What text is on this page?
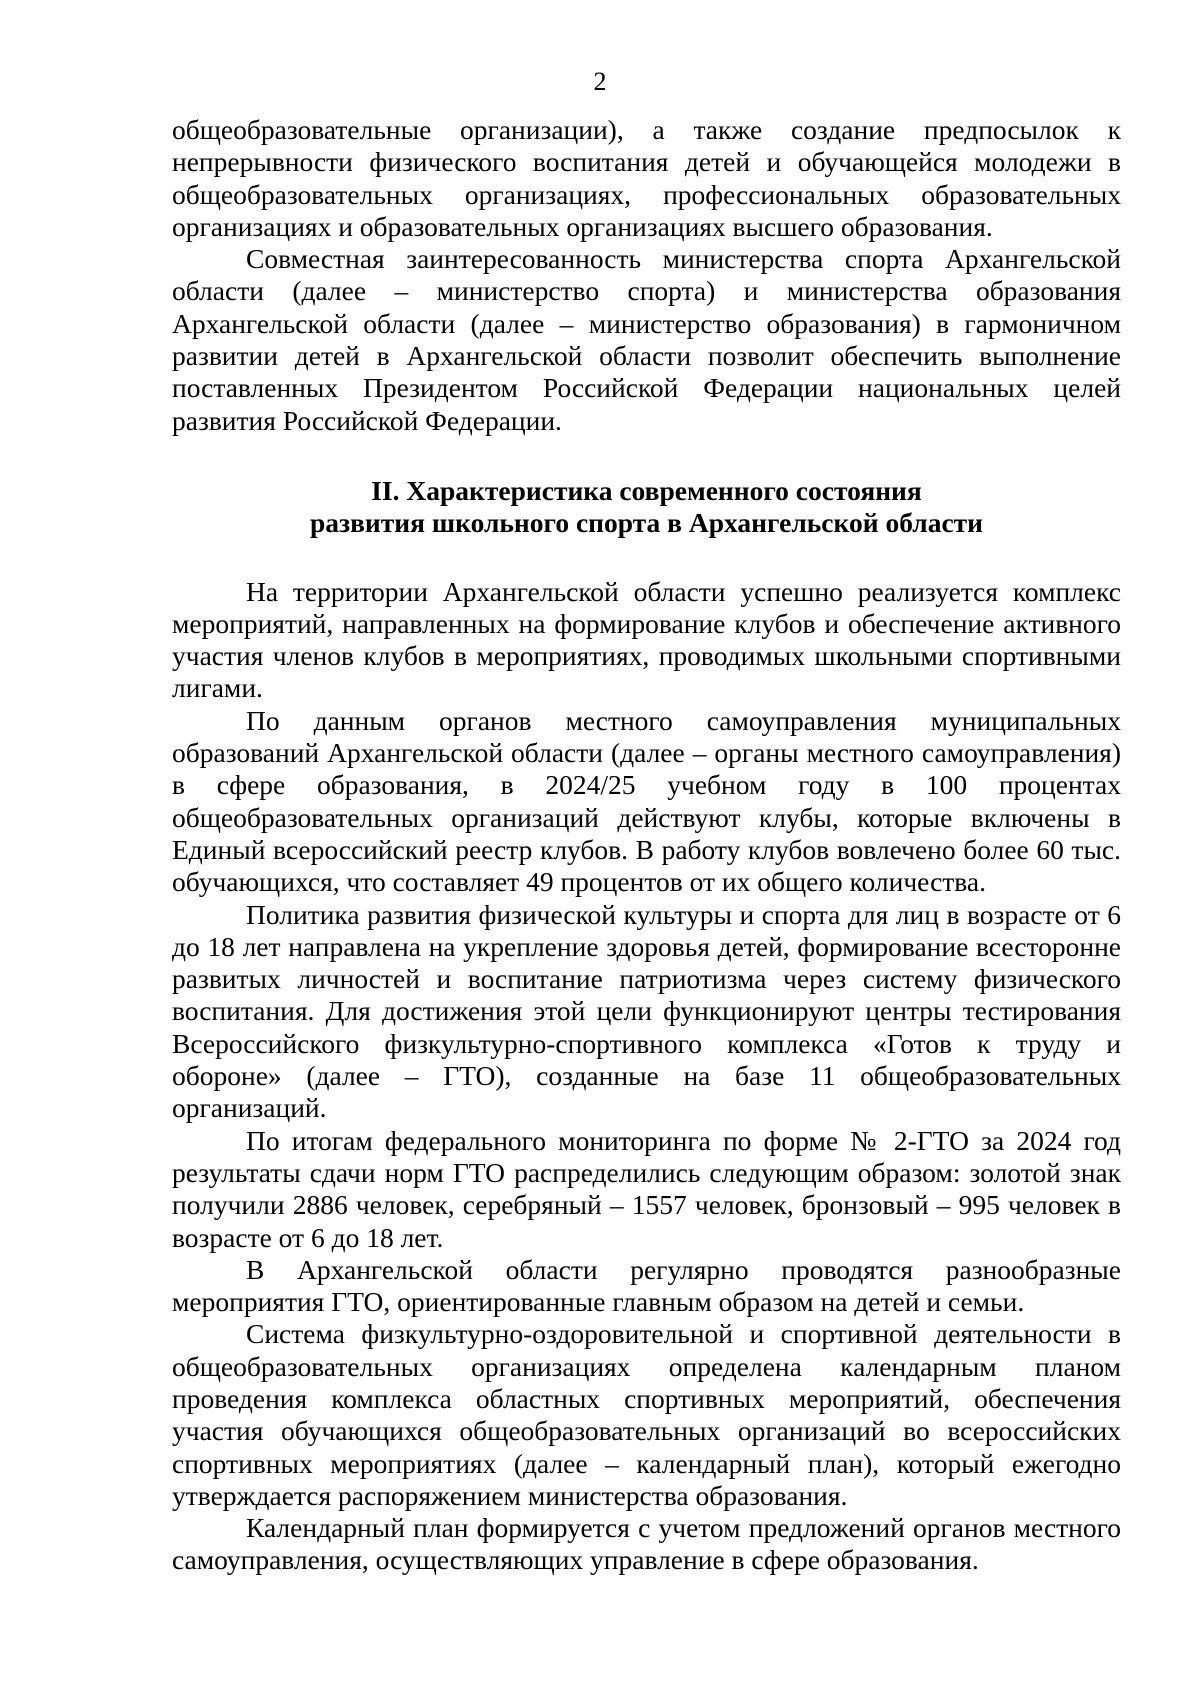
2

общеобразовательные организации), а также создание предпосылок к непрерывности физического воспитания детей и обучающейся молодежи в общеобразовательных организациях, профессиональных образовательных организациях и образовательных организациях высшего образования.

Совместная заинтересованность министерства спорта Архангельской области (далее – министерство спорта) и министерства образования Архангельской области (далее – министерство образования) в гармоничном развитии детей в Архангельской области позволит обеспечить выполнение поставленных Президентом Российской Федерации национальных целей развития Российской Федерации.

II. Характеристика современного состояния
развития школьного спорта в Архангельской области

На территории Архангельской области успешно реализуется комплекс мероприятий, направленных на формирование клубов и обеспечение активного участия членов клубов в мероприятиях, проводимых школьными спортивными лигами.

По данным органов местного самоуправления муниципальных образований Архангельской области (далее – органы местного самоуправления) в сфере образования, в 2024/25 учебном году в 100 процентах общеобразовательных организаций действуют клубы, которые включены в Единый всероссийский реестр клубов. В работу клубов вовлечено более 60 тыс. обучающихся, что составляет 49 процентов от их общего количества.

Политика развития физической культуры и спорта для лиц в возрасте от 6 до 18 лет направлена на укрепление здоровья детей, формирование всесторонне развитых личностей и воспитание патриотизма через систему физического воспитания. Для достижения этой цели функционируют центры тестирования Всероссийского физкультурно-спортивного комплекса «Готов к труду и обороне» (далее – ГТО), созданные на базе 11 общеобразовательных организаций.

По итогам федерального мониторинга по форме № 2-ГТО за 2024 год результаты сдачи норм ГТО распределились следующим образом: золотой знак получили 2886 человек, серебряный – 1557 человек, бронзовый – 995 человек в возрасте от 6 до 18 лет.

В Архангельской области регулярно проводятся разнообразные мероприятия ГТО, ориентированные главным образом на детей и семьи.

Система физкультурно-оздоровительной и спортивной деятельности в общеобразовательных организациях определена календарным планом проведения комплекса областных спортивных мероприятий, обеспечения участия обучающихся общеобразовательных организаций во всероссийских спортивных мероприятиях (далее – календарный план), который ежегодно утверждается распоряжением министерства образования.

Календарный план формируется с учетом предложений органов местного самоуправления, осуществляющих управление в сфере образования.
